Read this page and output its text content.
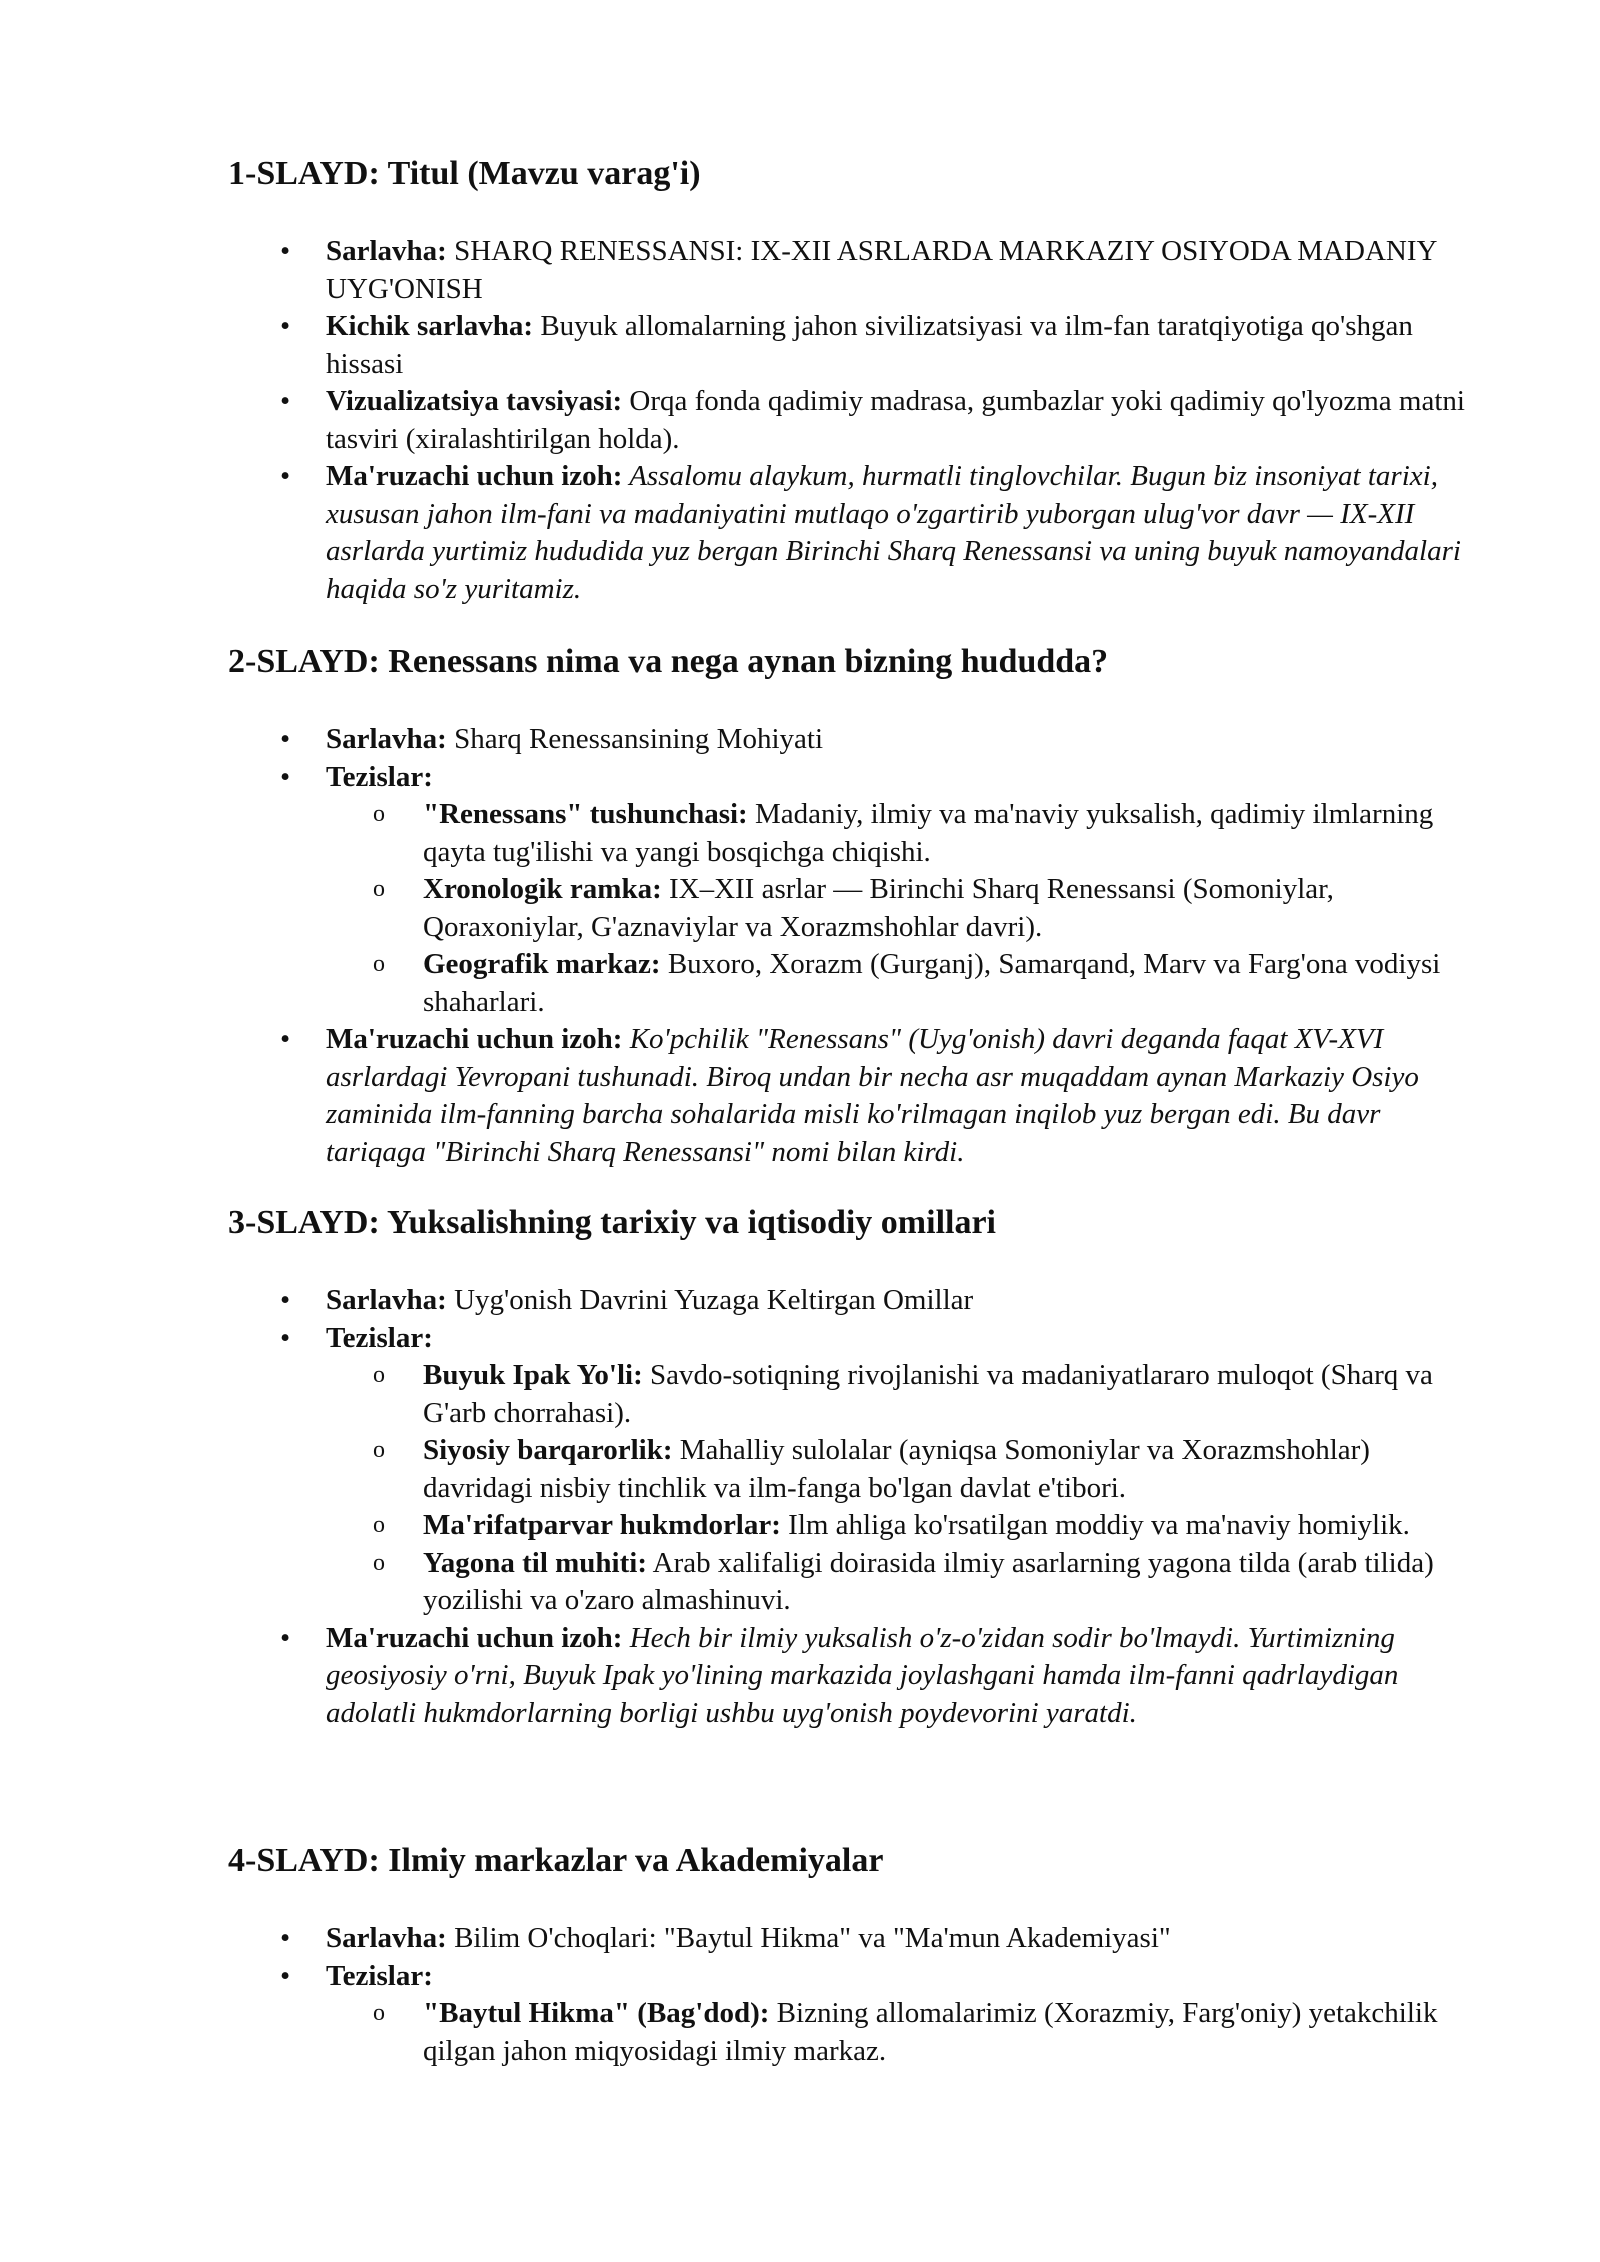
1-SLAYD: Titul (Mavzu varag'i)
• Sarlavha: SHARQ RENESSANSI: IX-XII ASRLARDA MARKAZIY OSIYODA MADANIY UYG'ONISH
• Kichik sarlavha: Buyuk allomalarning jahon sivilizatsiyasi va ilm-fan taratqiyotiga qo'shgan hissasi
• Vizualizatsiya tavsiyasi: Orqa fonda qadimiy madrasa, gumbazlar yoki qadimiy qo'lyozma matni tasviri (xiralashtirilgan holda).
• Ma'ruzachi uchun izoh: Assalomu alaykum, hurmatli tinglovchilar. Bugun biz insoniyat tarixi, xususan jahon ilm-fani va madaniyatini mutlaqo o'zgartirib yuborgan ulug'vor davr — IX-XII asrlarda yurtimiz hududida yuz bergan Birinchi Sharq Renessansi va uning buyuk namoyandalari haqida so'z yuritamiz.
2-SLAYD: Renessans nima va nega aynan bizning hududda?
• Sarlavha: Sharq Renessansining Mohiyati
• Tezislar:
o "Renessans" tushunchasi: Madaniy, ilmiy va ma'naviy yuksalish, qadimiy ilmlarning qayta tug'ilishi va yangi bosqichga chiqishi.
o Xronologik ramka: IX–XII asrlar — Birinchi Sharq Renessansi (Somoniylar, Qoraxoniylar, G'aznaviylar va Xorazmshohlar davri).
o Geografik markaz: Buxoro, Xorazm (Gurganj), Samarqand, Marv va Farg'ona vodiysi shaharlari.
• Ma'ruzachi uchun izoh: Ko'pchilik "Renessans" (Uyg'onish) davri deganda faqat XV-XVI asrlardagi Yevropani tushunadi. Biroq undan bir necha asr muqaddam aynan Markaziy Osiyo zaminida ilm-fanning barcha sohalarida misli ko'rilmagan inqilob yuz bergan edi. Bu davr tariqaga "Birinchi Sharq Renessansi" nomi bilan kirdi.
3-SLAYD: Yuksalishning tarixiy va iqtisodiy omillari
• Sarlavha: Uyg'onish Davrini Yuzaga Keltirgan Omillar
• Tezislar:
o Buyuk Ipak Yo'li: Savdo-sotiqning rivojlanishi va madaniyatlararo muloqot (Sharq va G'arb chorrahasi).
o Siyosiy barqarorlik: Mahalliy sulolalar (ayniqsa Somoniylar va Xorazmshohlar) davridagi nisbiy tinchlik va ilm-fanga bo'lgan davlat e'tibori.
o Ma'rifatparvar hukmdorlar: Ilm ahliga ko'rsatilgan moddiy va ma'naviy homiylik.
o Yagona til muhiti: Arab xalifaligi doirasida ilmiy asarlarning yagona tilda (arab tilida) yozilishi va o'zaro almashinuvi.
• Ma'ruzachi uchun izoh: Hech bir ilmiy yuksalish o'z-o'zidan sodir bo'lmaydi. Yurtimizning geosiyosiy o'rni, Buyuk Ipak yo'lining markazida joylashgani hamda ilm-fanni qadrlaydigan adolatli hukmdorlarning borligi ushbu uyg'onish poydevorini yaratdi.
4-SLAYD: Ilmiy markazlar va Akademiyalar
• Sarlavha: Bilim O'choqlari: "Baytul Hikma" va "Ma'mun Akademiyasi"
• Tezislar:
o "Baytul Hikma" (Bag'dod): Bizning allomalarimiz (Xorazmiy, Farg'oniy) yetakchilik qilgan jahon miqyosidagi ilmiy markaz.
